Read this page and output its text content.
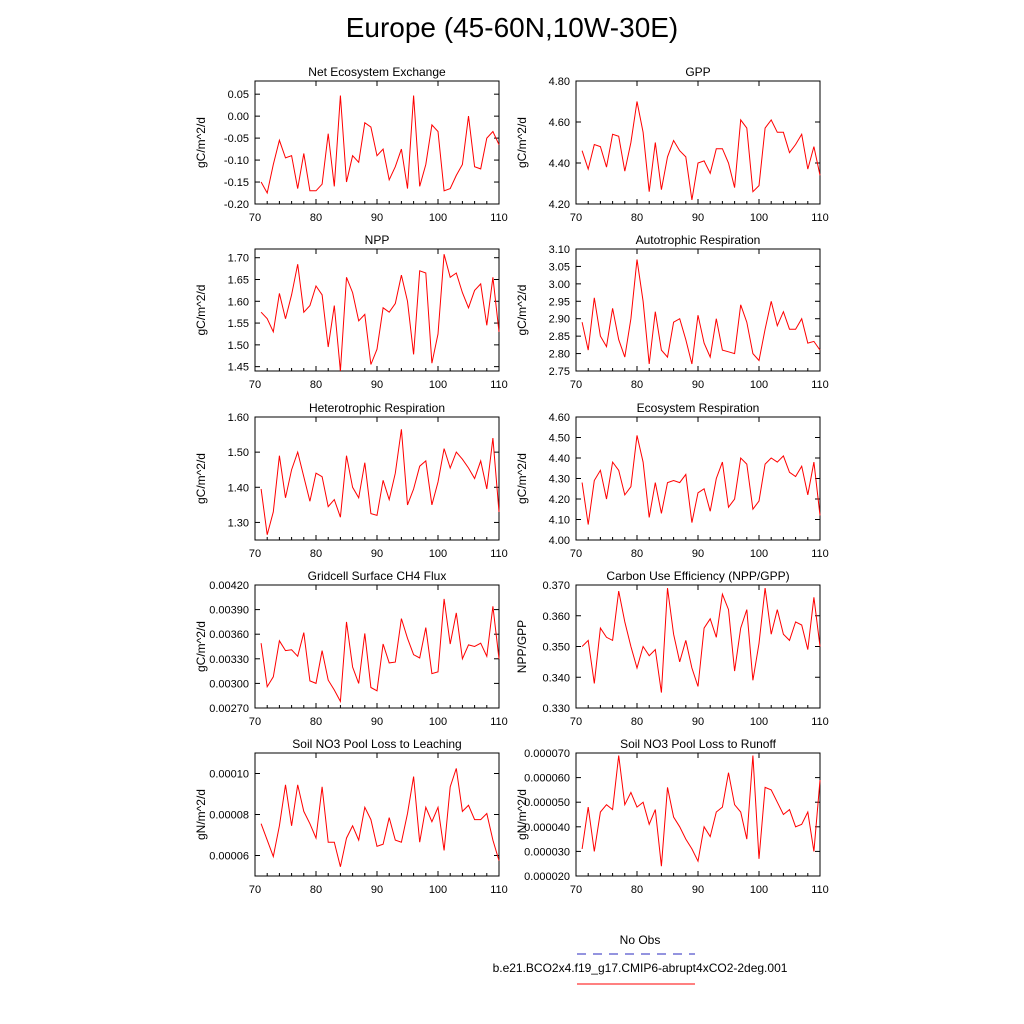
Europe (45-60N,10W-30E)
Net Ecosystem Exchange
gC/m^2/d
70	80	90	100	110
0.05
0.00
-0.05
-0.10
-0.15
-0.20
GPP
gC/m^2/d
70	80	90	100	110
4.80
4.60
4.40
4.20
NPP
gC/m^2/d
70	80	90	100	110
1.70
1.65
1.60
1.55
1.50
1.45
Autotrophic Respiration
gC/m^2/d
70	80	90	100	110
3.10
3.05
3.00
2.95
2.90
2.85
2.80
2.75
Heterotrophic Respiration
gC/m^2/d
70	80	90	100	110
1.60
1.50
1.40
1.30
Ecosystem Respiration
gC/m^2/d
70	80	90	100	110
4.60
4.50
4.40
4.30
4.20
4.10
4.00
Gridcell Surface CH4 Flux
gC/m^2/d
70	80	90	100	110
0.00420
0.00390
0.00360
0.00330
0.00300
0.00270
Carbon Use Efficiency (NPP/GPP)
NPP/GPP
70	80	90	100	110
0.370
0.360
0.350
0.340
0.330
Soil NO3 Pool Loss to Leaching
gN/m^2/d
70	80	90	100	110
0.00010
0.00008
0.00006
Soil NO3 Pool Loss to Runoff
gN/m^2/d
70	80	90	100	110
0.000070
0.000060
0.000050
0.000040
0.000030
0.000020
No Obs
b.e21.BCO2x4.f19_g17.CMIP6-abrupt4xCO2-2deg.001
